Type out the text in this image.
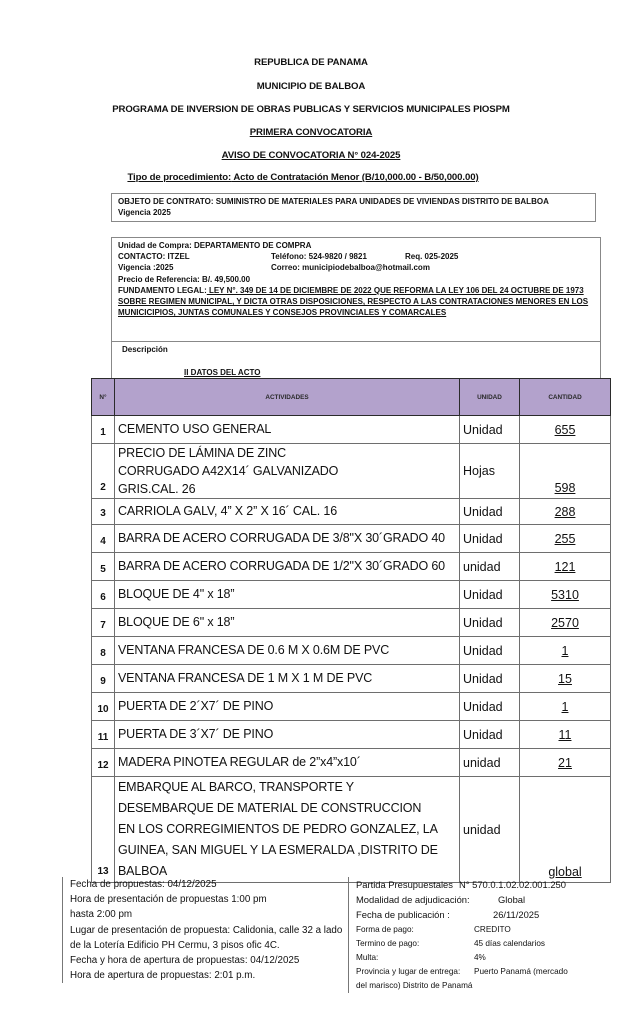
REPUBLICA DE PANAMA
MUNICIPIO DE BALBOA
PROGRAMA DE INVERSION DE OBRAS PUBLICAS Y SERVICIOS MUNICIPALES PIOSPM
PRIMERA CONVOCATORIA
AVISO DE CONVOCATORIA N° 024-2025
Tipo de procedimiento: Acto de Contratación Menor (B/10,000.00 - B/50,000.00)
OBJETO DE CONTRATO: SUMINISTRO DE MATERIALES PARA UNIDADES DE VIVIENDAS DISTRITO DE BALBOA
Vigencia 2025
Unidad de Compra: DEPARTAMENTO DE COMPRA
CONTACTO: ITZEL	Teléfono: 524-9820 / 9821	Req. 025-2025
Vigencia :2025	Correo: municipiodebalboa@hotmail.com
Precio de Referencia: B/. 49,500.00
FUNDAMENTO LEGAL: LEY N°. 349 DE 14 DE DICIEMBRE DE 2022 QUE REFORMA LA LEY 106 DEL 24 OCTUBRE DE 1973 SOBRE REGIMEN MUNICIPAL, Y DICTA OTRAS DISPOSICIONES, RESPECTO A LAS CONTRATACIONES MENORES EN LOS MUNICICIPIOS, JUNTAS COMUNALES Y CONSEJOS PROVINCIALES Y COMARCALES
Descripción
II DATOS DEL ACTO
N°	ACTIVIDADES	UNIDAD	CANTIDAD
1	CEMENTO USO GENERAL	Unidad	655
2	PRECIO DE LÁMINA DE ZINC CORRUGADO A42X14´ GALVANIZADO GRIS.CAL. 26	Hojas	598
3	CARRIOLA GALV, 4” X 2” X 16´ CAL. 16	Unidad	288
4	BARRA DE ACERO CORRUGADA DE 3/8"X 30´GRADO 40	Unidad	255
5	BARRA DE ACERO CORRUGADA DE 1/2"X 30´GRADO 60	unidad	121
6	BLOQUE DE 4" x 18”	Unidad	5310
7	BLOQUE DE 6" x 18”	Unidad	2570
8	VENTANA FRANCESA DE 0.6 M X 0.6M DE PVC	Unidad	1
9	VENTANA FRANCESA DE 1 M X 1 M DE PVC	Unidad	15
10	PUERTA DE 2´X7´ DE PINO	Unidad	1
11	PUERTA DE 3´X7´ DE PINO	Unidad	11
12	MADERA PINOTEA REGULAR de 2”x4”x10´	unidad	21
13	EMBARQUE AL BARCO, TRANSPORTE Y DESEMBARQUE DE MATERIAL DE CONSTRUCCION EN LOS CORREGIMIENTOS DE PEDRO GONZALEZ, LA GUINEA, SAN MIGUEL Y LA ESMERALDA ,DISTRITO DE BALBOA	unidad	global
Fecha de propuestas: 04/12/2025
Hora de presentación de propuestas 1:00 pm
hasta 2:00 pm
Lugar de presentación de propuesta: Calidonia, calle 32 a lado
de la Lotería Edificio PH Cermu, 3 pisos ofic 4C.
Fecha y hora de apertura de propuestas: 04/12/2025
Hora de apertura de propuestas: 2:01 p.m.
Partida Presupuestales N° 570.0.1.02.02.001.250
Modalidad de adjudicación:	Global
Fecha de publicación :	26/11/2025
Forma de pago:	CREDITO
Termino de pago:	45 días calendarios
Multa:	4%
Provincia y lugar de entrega:	Puerto Panamá (mercado
del marisco) Distrito de Panamá
